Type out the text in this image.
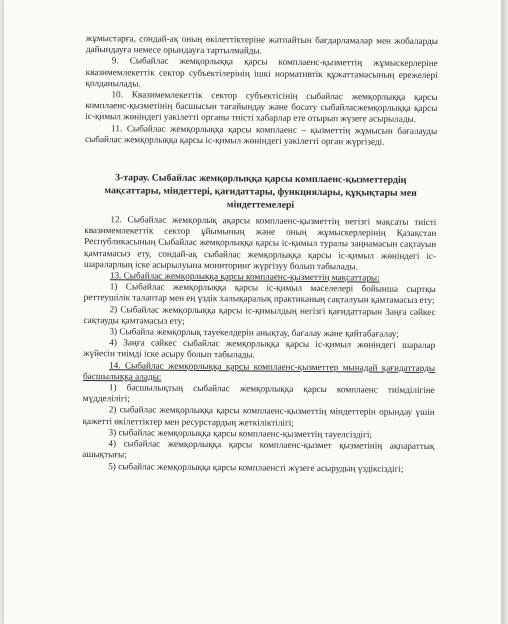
жұмыстарға, сондай-ақ оның өкілеттіктеріне жатпайтын бағдарламалар мен жобаларды дайындауға немесе орындауға тартылмайды.

9. Сыбайлас жемқорлыққа қарсы комплаенс-қызметтің жұмыскерлеріне квазимемлекеттік сектор субъектілерінің ішкі нормативтік құжаттамасының ережелері қолданылады.

10. Квазимемлекеттік сектор субъектісінің сыбайлас жемқорлыққа қарсы комплаенс-қызметінің басшысын тағайындау және босату сыбайласжемқорлыққа қарсы іс-қимыл жөніндегі уәкілетті органы тиісті хабарлар ете отырып жүзеге асырылады.

11. Сыбайлас жемқорлыққа қарсы комплаенс – қызметтің жұмысын бағалауды сыбайлас жемқорлыққа қарсы іс-қимыл жөніндегі уәкілетті орган жүргізеді.

3-тарау. Сыбайлас жемқорлыққа қарсы комплаенс-қызметтердің мақсаттары, міндеттері, қағидаттары, функциялары, құқықтары мен міндеттемелері

12. Сыбайлас жемқорлық ақарсы комплаенс-қызметтің негізгі мақсаты тиісті квазимемлекеттік сектор ұйымының және оның жұмыскерлерінің Қазақстан Республикасының Сыбайлас жемқорлыққа қарсы іс-қимыл туралы заңнамасын сақтауын қамтамасыз ету, сондай-ақ сыбайлас жемқорлыққа қарсы іс-қимыл жөніндегі іс-шараларлың іске асырылуына мониторинг жүргізуу болып табылады.

13. Сыбайлас жемқорлыққа қарсы комплаенс-қызметтің мақсаттары:

1) Сыбайлас жемқорлыққа қарсы іс-қимыл мәселелері бойынша сыртқы реттеушілік талаптар мен ең үздік халықаралық практиканың сақталуын қамтамасыз ету;

2) Сыбайлас жемқорлыққа қарсы іс-қимылдың негізгі қағидаттарын Заңға сәйкес сақтауды қамтамасыз ету;

3) Сыбайла жемқорлық тәуекелдерін анықтау, бағалау және қайтабағалау;

4) Заңға сәйкес сыбайлас жемқорлыққа қарсы іс-қимыл жөніндегі шаралар жүйесін тиімді іске асыру болып табылады.

14. Сыбайлас жемқорлыққа қарсы комплаенс-қызметтер мынадай қағидаттарды басшылыққа алады:

1) басшылықтың сыбайлас жемқорлыққа қарсы комплаенс тиімділігіне мүдделілігі;

2) сыбайлас жемқорлыққа қарсы комплаенс-қызметтің міндеттерін орындау үшін қажетті өкілеттіктер мен ресурстардың жеткіліктілігі;

3) сыбайлас жемқорлыққа қарсы комплаенс-қызметтің тәуелсіздігі;

4) сыбайлас жемқорлыққа қарсы комплаенс-қызмет қызметінің ақпараттық ашықтығы;

5) сыбайлас жемқорлыққа қарсы комплаенсті жүзеге асырудың үздіксіздігі;
